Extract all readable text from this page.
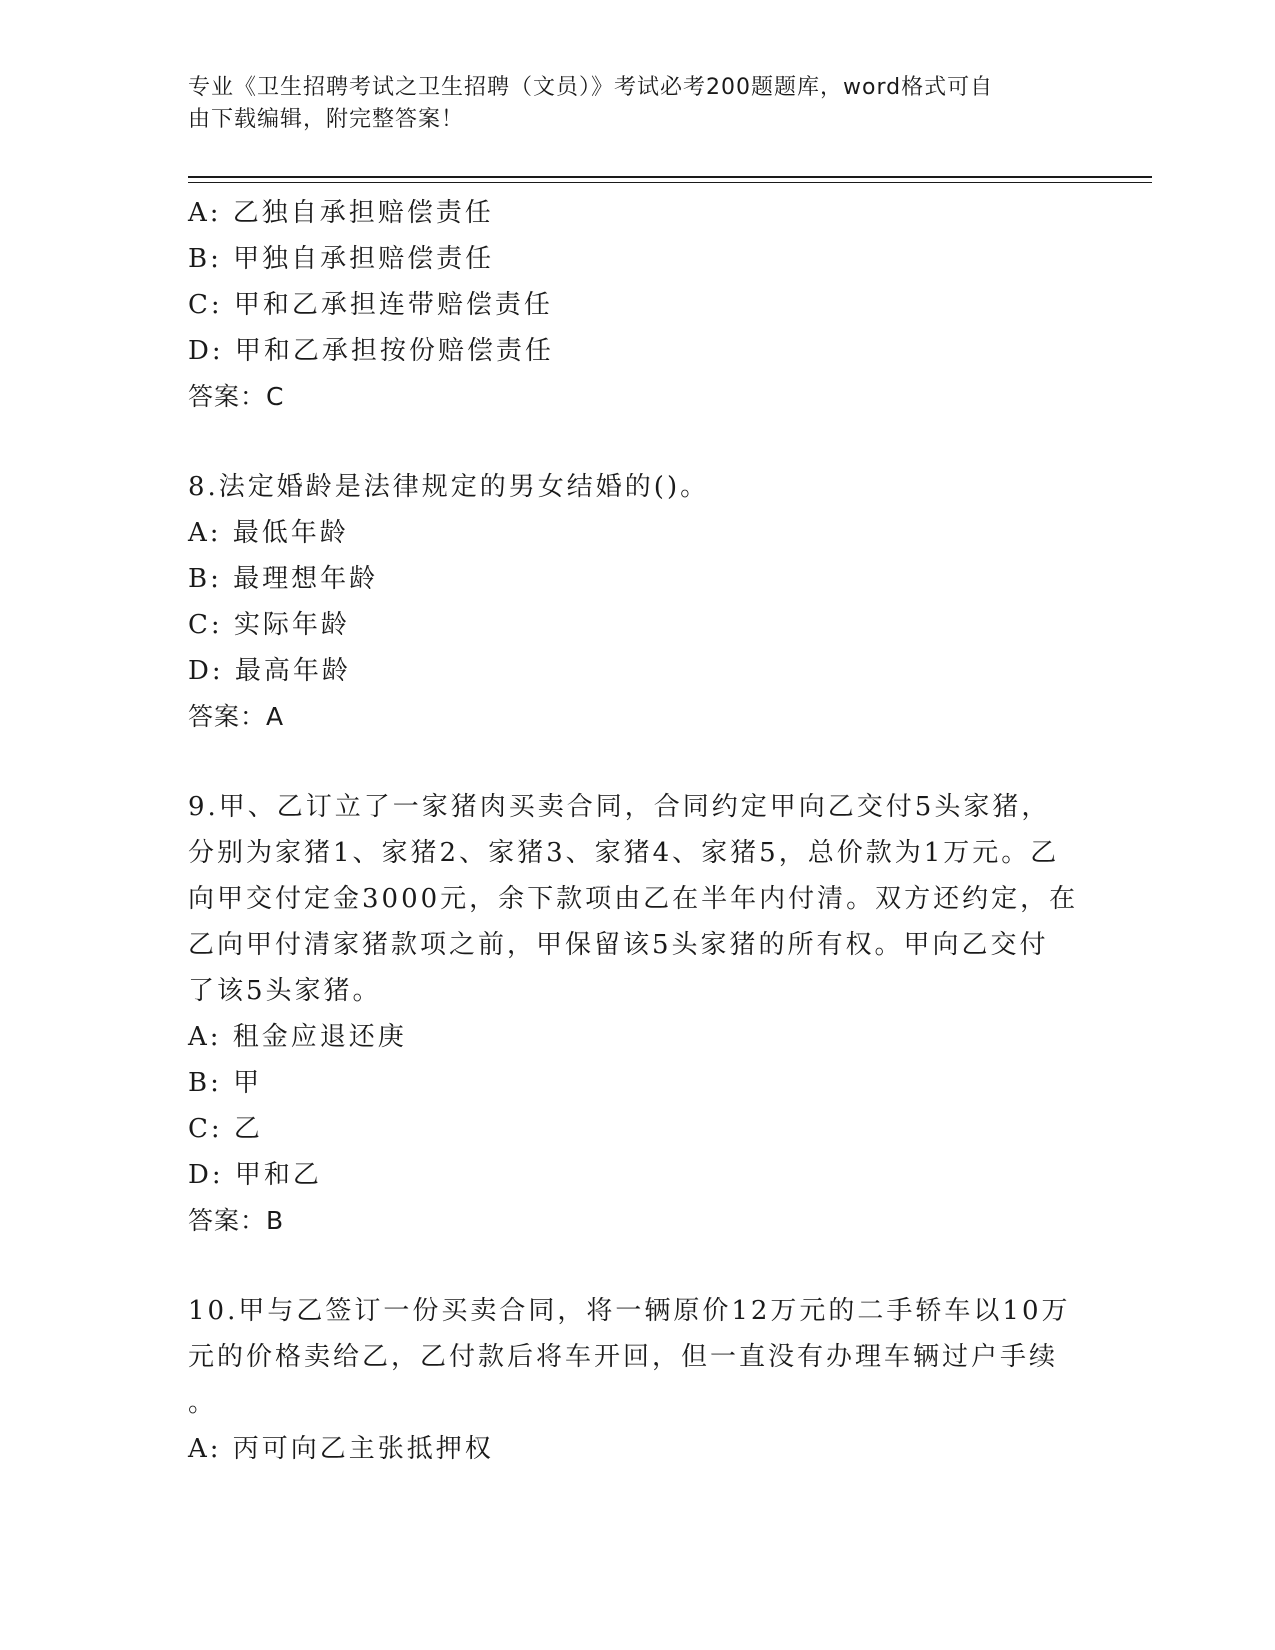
专业《卫生招聘考试之卫生招聘（文员）》考试必考200题题库，word格式可自
由下载编辑，附完整答案！
A: 乙独自承担赔偿责任
B: 甲独自承担赔偿责任
C: 甲和乙承担连带赔偿责任
D: 甲和乙承担按份赔偿责任
答案：C
8.法定婚龄是法律规定的男女结婚的()。
A: 最低年龄
B: 最理想年龄
C: 实际年龄
D: 最高年龄
答案：A
9.甲、乙订立了一家猪肉买卖合同，合同约定甲向乙交付5头家猪，
分别为家猪1、家猪2、家猪3、家猪4、家猪5，总价款为1万元。乙
向甲交付定金3000元，余下款项由乙在半年内付清。双方还约定，在
乙向甲付清家猪款项之前，甲保留该5头家猪的所有权。甲向乙交付
了该5头家猪。
A: 租金应退还庚
B: 甲
C: 乙
D: 甲和乙
答案：B
10.甲与乙签订一份买卖合同，将一辆原价12万元的二手轿车以10万
元的价格卖给乙，乙付款后将车开回，但一直没有办理车辆过户手续
。
A: 丙可向乙主张抵押权
